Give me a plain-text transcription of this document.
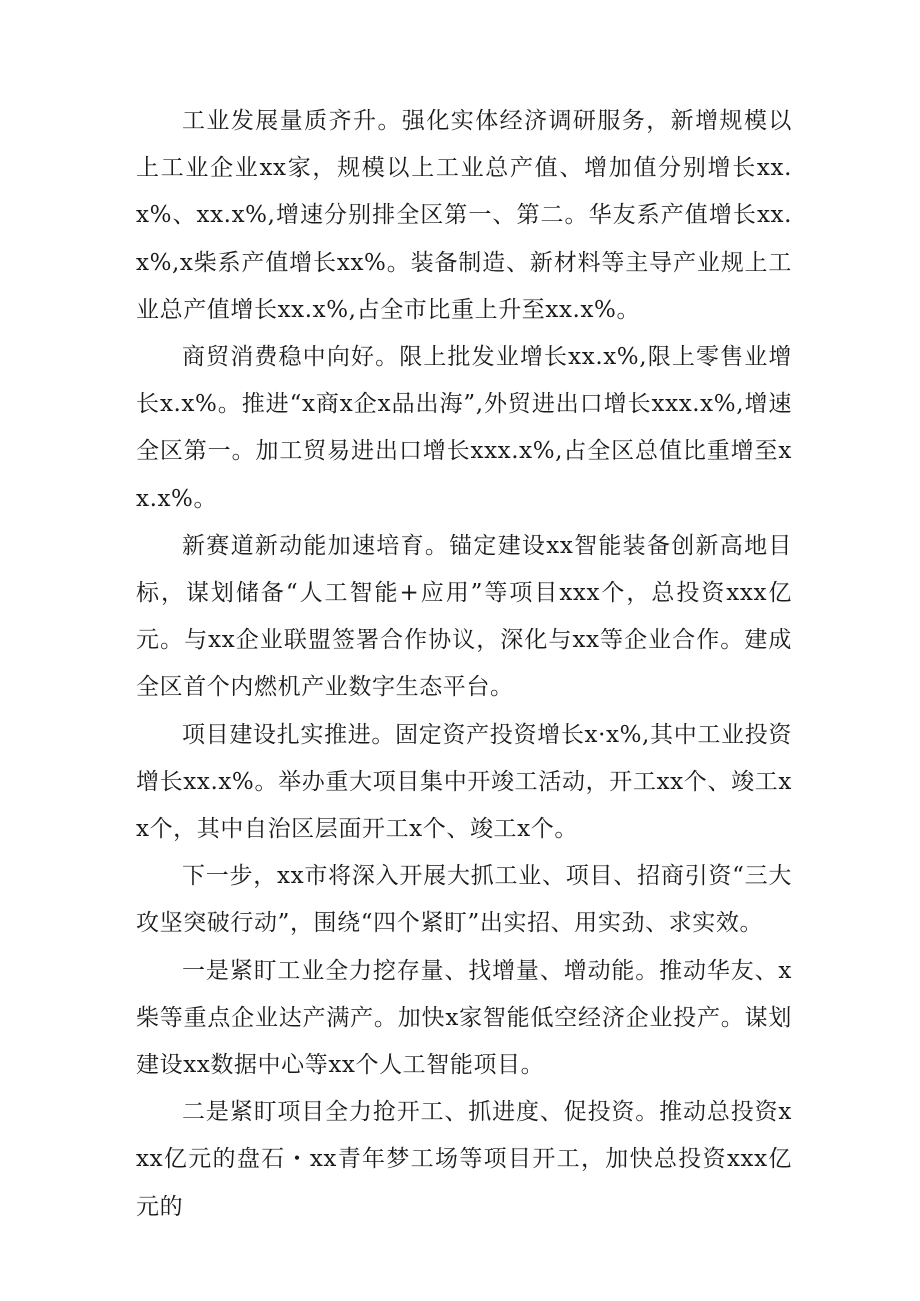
工业发展量质齐升。强化实体经济调研服务，新增规模以上工业企业xx家，规模以上工业总产值、增加值分别增长xx.x%、xx.x%,增速分别排全区第一、第二。华友系产值增长xx.x%,x柴系产值增长xx%。装备制造、新材料等主导产业规上工业总产值增长xx.x%,占全市比重上升至xx.x%。

商贸消费稳中向好。限上批发业增长xx.x%,限上零售业增长x.x%。推进“x商x企x品出海”,外贸进出口增长xxx.x%,增速全区第一。加工贸易进出口增长xxx.x%,占全区总值比重增至xx.x%。

新赛道新动能加速培育。锚定建设xx智能装备创新高地目标，谋划储备“人工智能+应用”等项目xxx个，总投资xxx亿元。与xx企业联盟签署合作协议，深化与xx等企业合作。建成全区首个内燃机产业数字生态平台。

项目建设扎实推进。固定资产投资增长x·x%,其中工业投资增长xx.x%。举办重大项目集中开竣工活动，开工xx个、竣工xx个，其中自治区层面开工x个、竣工x个。

下一步，xx市将深入开展大抓工业、项目、招商引资“三大攻坚突破行动”，围绕“四个紧盯”出实招、用实劲、求实效。

一是紧盯工业全力挖存量、找增量、增动能。推动华友、x柴等重点企业达产满产。加快x家智能低空经济企业投产。谋划建设xx数据中心等xx个人工智能项目。

二是紧盯项目全力抢开工、抓进度、促投资。推动总投资xxx亿元的盘石・xx青年梦工场等项目开工，加快总投资xxx亿元的
